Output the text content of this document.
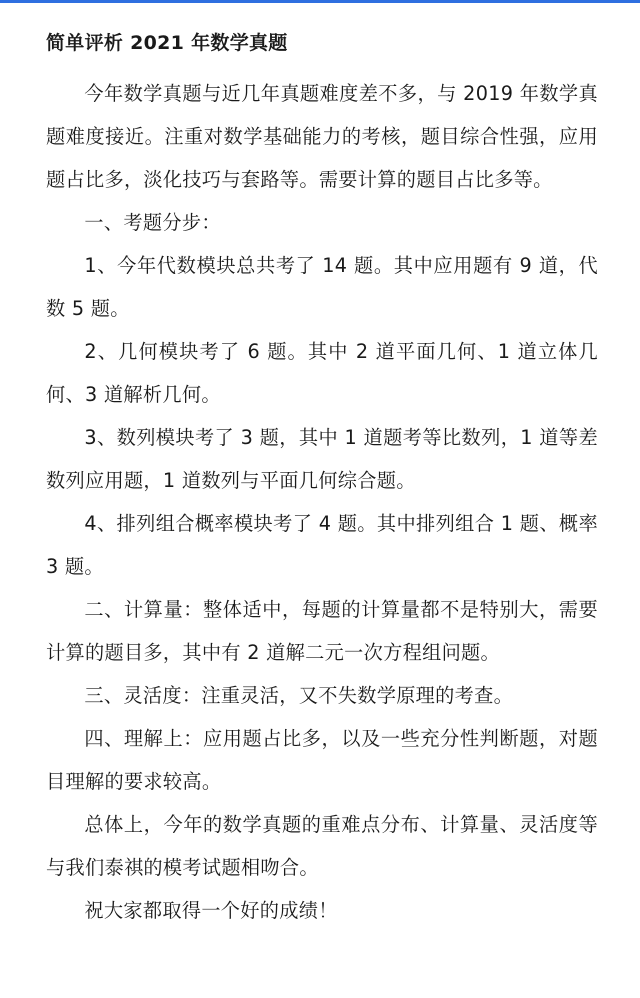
简单评析 2021 年数学真题

今年数学真题与近几年真题难度差不多，与 2019 年数学真题难度接近。注重对数学基础能力的考核，题目综合性强，应用题占比多，淡化技巧与套路等。需要计算的题目占比多等。

一、考题分步：

1、今年代数模块总共考了 14 题。其中应用题有 9 道，代数 5 题。

2、几何模块考了 6 题。其中 2 道平面几何、1 道立体几何、3 道解析几何。

3、数列模块考了 3 题，其中 1 道题考等比数列，1 道等差数列应用题，1 道数列与平面几何综合题。

4、排列组合概率模块考了 4 题。其中排列组合 1 题、概率 3 题。

二、计算量：整体适中，每题的计算量都不是特别大，需要计算的题目多，其中有 2 道解二元一次方程组问题。

三、灵活度：注重灵活，又不失数学原理的考查。

四、理解上：应用题占比多，以及一些充分性判断题，对题目理解的要求较高。

总体上，今年的数学真题的重难点分布、计算量、灵活度等与我们泰祺的模考试题相吻合。

祝大家都取得一个好的成绩！
